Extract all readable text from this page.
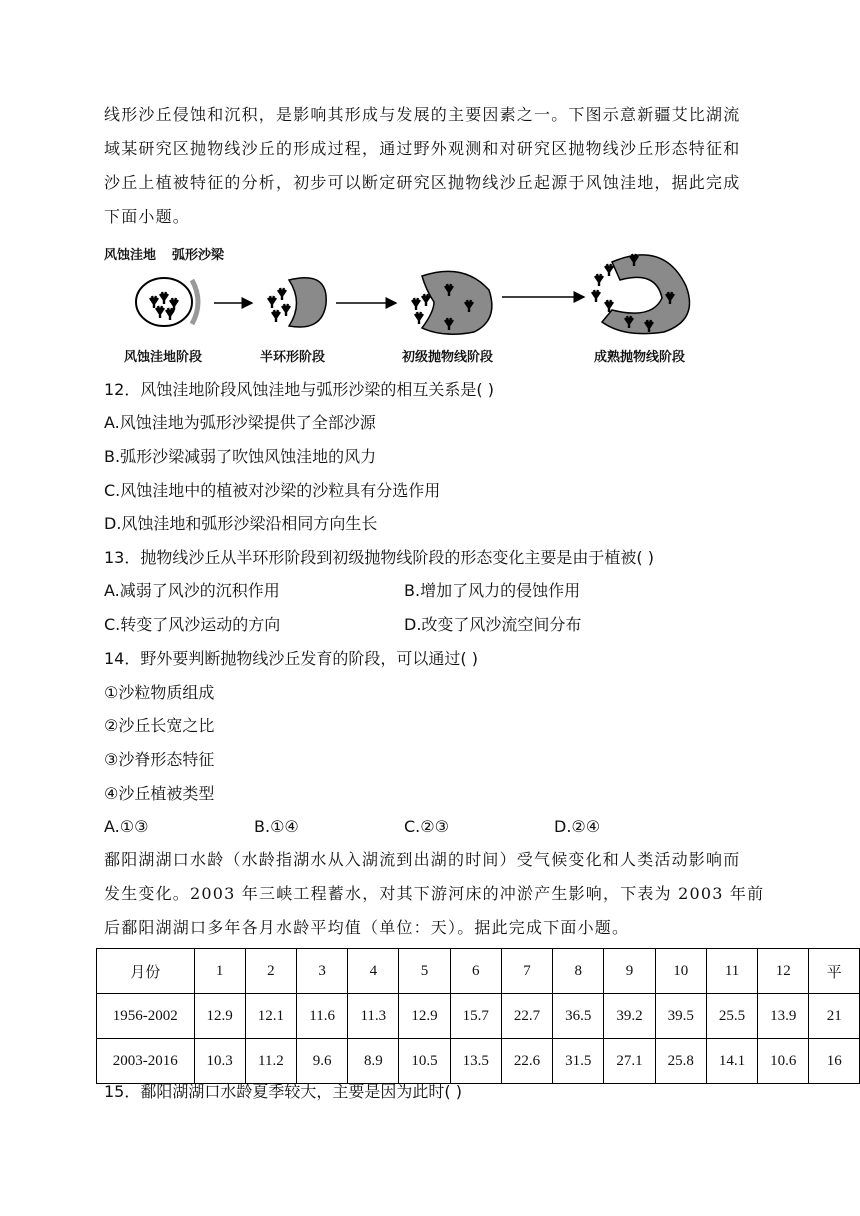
线形沙丘侵蚀和沉积，是影响其形成与发展的主要因素之一。下图示意新疆艾比湖流
域某研究区抛物线沙丘的形成过程，通过野外观测和对研究区抛物线沙丘形态特征和
沙丘上植被特征的分析，初步可以断定研究区抛物线沙丘起源于风蚀洼地，据此完成
下面小题。
风蚀洼地 弧形沙梁
风蚀洼地阶段	半环形阶段	初级抛物线阶段	成熟抛物线阶段
12．风蚀洼地阶段风蚀洼地与弧形沙梁的相互关系是( )
A.风蚀洼地为弧形沙梁提供了全部沙源
B.弧形沙梁减弱了吹蚀风蚀洼地的风力
C.风蚀洼地中的植被对沙梁的沙粒具有分选作用
D.风蚀洼地和弧形沙梁沿相同方向生长
13．抛物线沙丘从半环形阶段到初级抛物线阶段的形态变化主要是由于植被( )
A.减弱了风沙的沉积作用	B.增加了风力的侵蚀作用
C.转变了风沙运动的方向	D.改变了风沙流空间分布
14．野外要判断抛物线沙丘发育的阶段，可以通过( )
①沙粒物质组成
②沙丘长宽之比
③沙脊形态特征
④沙丘植被类型
A.①③	B.①④	C.②③	D.②④
鄱阳湖湖口水龄（水龄指湖水从入湖流到出湖的时间）受气候变化和人类活动影响而
发生变化。2003 年三峡工程蓄水，对其下游河床的冲淤产生影响，下表为 2003 年前
后鄱阳湖湖口多年各月水龄平均值（单位：天）。据此完成下面小题。
月份	1	2	3	4	5	6	7	8	9	10	11	12	平
1956-2002	12.9	12.1	11.6	11.3	12.9	15.7	22.7	36.5	39.2	39.5	25.5	13.9	21
2003-2016	10.3	11.2	9.6	8.9	10.5	13.5	22.6	31.5	27.1	25.8	14.1	10.6	16
15．鄱阳湖湖口水龄夏季较大，主要是因为此时( )
